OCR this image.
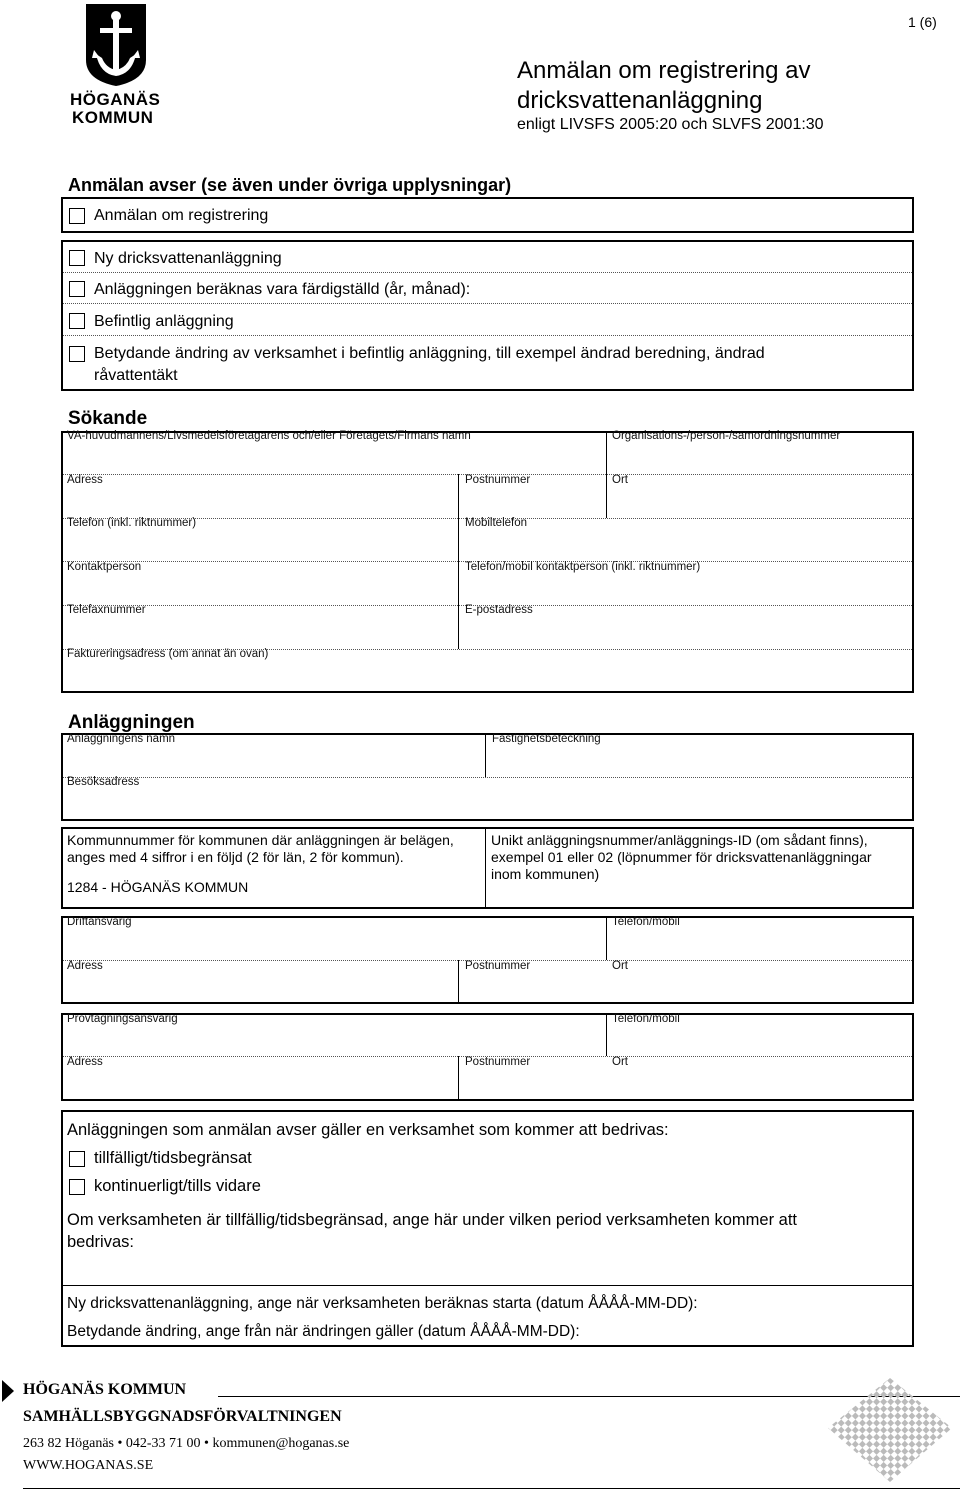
HÖGANÄS
KOMMUN
1 (6)
Anmälan om registrering av
dricksvattenanläggning
enligt LIVSFS 2005:20 och SLVFS 2001:30
Anmälan avser (se även under övriga upplysningar)
Anmälan om registrering
Ny dricksvattenanläggning
Anläggningen beräknas vara färdigställd (år, månad):
Befintlig anläggning
Betydande ändring av verksamhet i befintlig anläggning, till exempel ändrad beredning, ändrad
råvattentäkt
Sökande
VA-huvudmannens/Livsmedelsföretagarens och/eller Företagets/Firmans namn	Organisations-/person-/samordningsnummer
Adress	Postnummer	Ort
Telefon (inkl. riktnummer)	Mobiltelefon
Kontaktperson	Telefon/mobil kontaktperson (inkl. riktnummer)
Telefaxnummer	E-postadress
Faktureringsadress (om annat än ovan)
Anläggningen
Anläggningens namn	Fastighetsbeteckning
Besöksadress
Kommunnummer för kommunen där anläggningen är belägen,
anges med 4 siffror i en följd (2 för län, 2 för kommun).
1284 - HÖGANÄS KOMMUN
Unikt anläggningsnummer/anläggnings-ID (om sådant finns),
exempel 01 eller 02 (löpnummer för dricksvattenanläggningar
inom kommunen)
Driftansvarig	Telefon/mobil
Adress	Postnummer	Ort
Provtagningsansvarig	Telefon/mobil
Adress	Postnummer	Ort
Anläggningen som anmälan avser gäller en verksamhet som kommer att bedrivas:
tillfälligt/tidsbegränsat
kontinuerligt/tills vidare
Om verksamheten är tillfällig/tidsbegränsad, ange här under vilken period verksamheten kommer att
bedrivas:
Ny dricksvattenanläggning, ange när verksamheten beräknas starta (datum ÅÅÅÅ-MM-DD):
Betydande ändring, ange från när ändringen gäller (datum ÅÅÅÅ-MM-DD):
HÖGANÄS KOMMUN
SAMHÄLLSBYGGNADSFÖRVALTNINGEN
263 82 Höganäs • 042-33 71 00 • kommunen@hoganas.se
WWW.HOGANAS.SE
